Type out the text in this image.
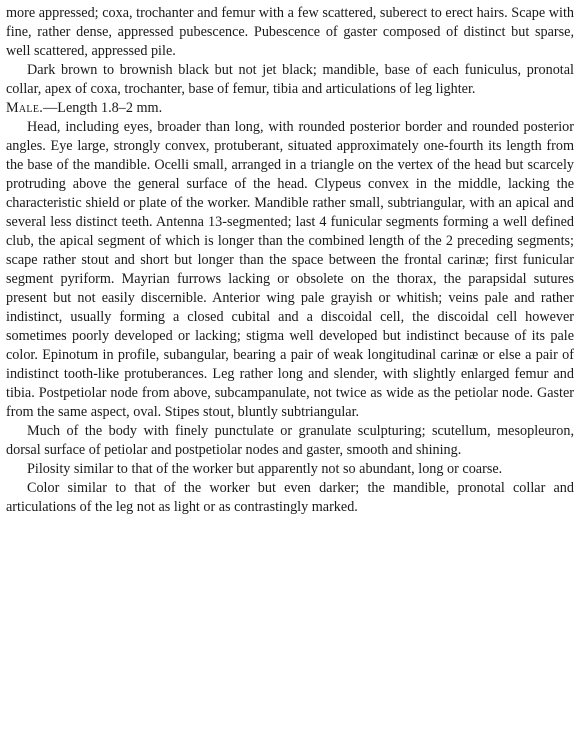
more appressed; coxa, trochanter and femur with a few scattered, suberect to erect hairs. Scape with fine, rather dense, appressed pubescence. Pubescence of gaster composed of distinct but sparse, well scattered, appressed pile.

Dark brown to brownish black but not jet black; mandible, base of each funiculus, pronotal collar, apex of coxa, trochanter, base of femur, tibia and articulations of leg lighter.

Male.—Length 1.8–2 mm.

Head, including eyes, broader than long, with rounded posterior border and rounded posterior angles. Eye large, strongly convex, protuberant, situated approximately one-fourth its length from the base of the mandible. Ocelli small, arranged in a triangle on the vertex of the head but scarcely protruding above the general surface of the head. Clypeus convex in the middle, lacking the characteristic shield or plate of the worker. Mandible rather small, subtriangular, with an apical and several less distinct teeth. Antenna 13-segmented; last 4 funicular segments forming a well defined club, the apical segment of which is longer than the combined length of the 2 preceding segments; scape rather stout and short but longer than the space between the frontal carinæ; first funicular segment pyriform. Mayrian furrows lacking or obsolete on the thorax, the parapsidal sutures present but not easily discernible. Anterior wing pale grayish or whitish; veins pale and rather indistinct, usually forming a closed cubital and a discoidal cell, the discoidal cell however sometimes poorly developed or lacking; stigma well developed but indistinct because of its pale color. Epinotum in profile, subangular, bearing a pair of weak longitudinal carinæ or else a pair of indistinct tooth-like protuberances. Leg rather long and slender, with slightly enlarged femur and tibia. Postpetiolar node from above, subcampanulate, not twice as wide as the petiolar node. Gaster from the same aspect, oval. Stipes stout, bluntly subtriangular.

Much of the body with finely punctulate or granulate sculpturing; scutellum, mesopleuron, dorsal surface of petiolar and postpetiolar nodes and gaster, smooth and shining.

Pilosity similar to that of the worker but apparently not so abundant, long or coarse.

Color similar to that of the worker but even darker; the mandible, pronotal collar and articulations of the leg not as light or as contrastingly marked.
